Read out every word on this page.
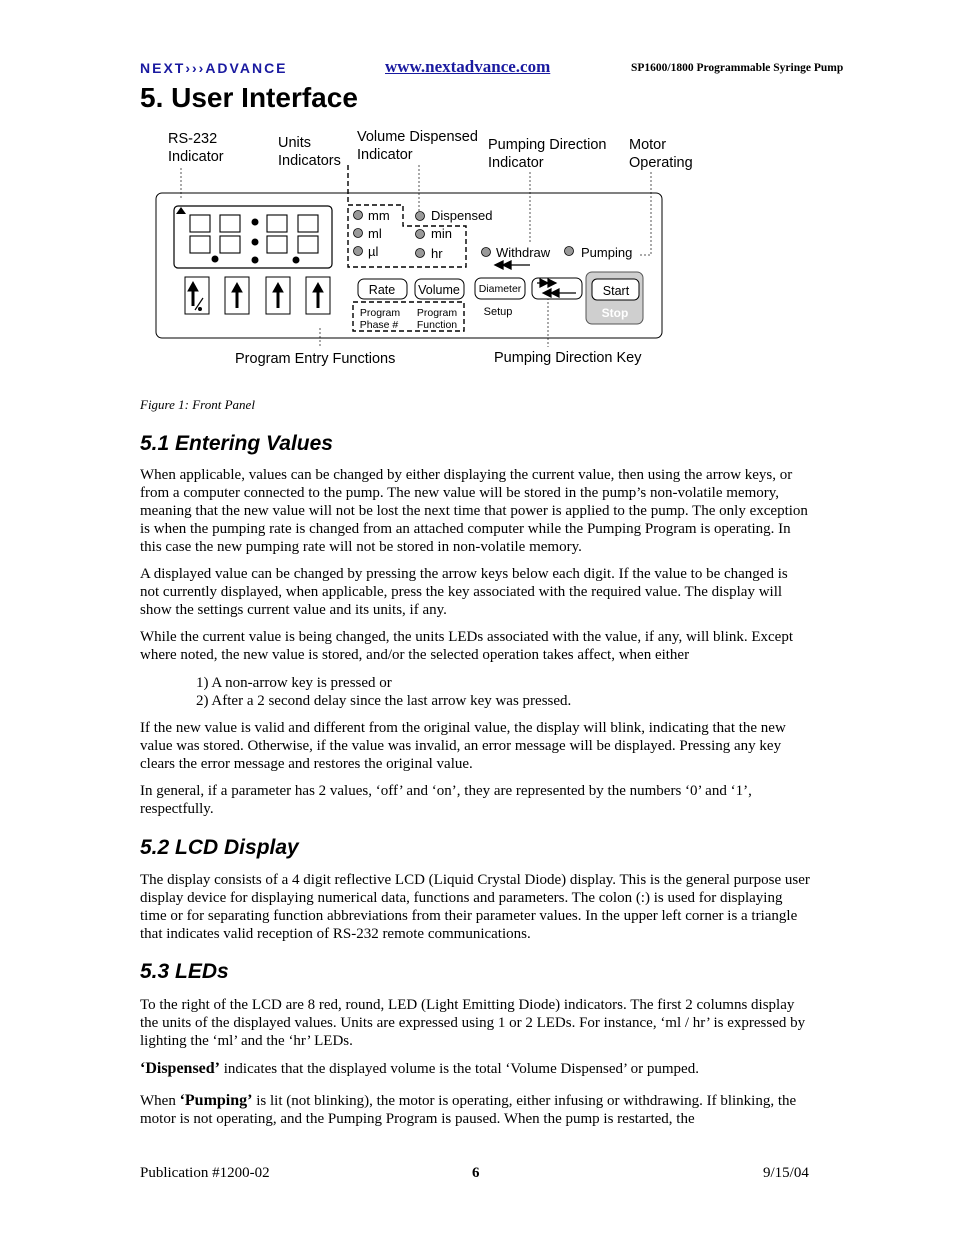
NEXT›››ADVANCE	www.nextadvance.com	SP1600/1800 Programmable Syringe Pump
5. User Interface
RS-232
Indicator
Units
Indicators
Volume Dispensed
Indicator
Pumping Direction
Indicator
Motor
Operating
Program Entry Functions	Pumping Direction Key
mm
ml
µl
Dispensed
min
hr	Withdraw Pumping
Rate Volume Diameter	Start
Stop
Program
Phase #
Program
Function
Setup
Figure 1: Front Panel
5.1 Entering Values

When applicable, values can be changed by either displaying the current value, then using the arrow keys, or from a computer connected to the pump. The new value will be stored in the pump’s non-volatile memory, meaning that the new value will not be lost the next time that power is applied to the pump. The only exception is when the pumping rate is changed from an attached computer while the Pumping Program is operating. In this case the new pumping rate will not be stored in non-volatile memory.

A displayed value can be changed by pressing the arrow keys below each digit. If the value to be changed is not currently displayed, when applicable, press the key associated with the required value. The display will show the settings current value and its units, if any.

While the current value is being changed, the units LEDs associated with the value, if any, will blink. Except where noted, the new value is stored, and/or the selected operation takes affect, when either

1) A non-arrow key is pressed or

2) After a 2 second delay since the last arrow key was pressed.

If the new value is valid and different from the original value, the display will blink, indicating that the new value was stored. Otherwise, if the value was invalid, an error message will be displayed. Pressing any key clears the error message and restores the original value.

In general, if a parameter has 2 values, ‘off’ and ‘on’, they are represented by the numbers ‘0’ and ‘1’, respectfully.

5.2 LCD Display

The display consists of a 4 digit reflective LCD (Liquid Crystal Diode) display. This is the general purpose user display device for displaying numerical data, functions and parameters. The colon (:) is used for displaying time or for separating function abbreviations from their parameter values. In the upper left corner is a triangle that indicates valid reception of RS-232 remote communications.

5.3 LEDs

To the right of the LCD are 8 red, round, LED (Light Emitting Diode) indicators. The first 2 columns display the units of the displayed values. Units are expressed using 1 or 2 LEDs. For instance, ‘ml / hr’ is expressed by lighting the ‘ml’ and the ‘hr’ LEDs.

‘Dispensed’ indicates that the displayed volume is the total ‘Volume Dispensed’ or pumped.

When ‘Pumping’ is lit (not blinking), the motor is operating, either infusing or withdrawing. If blinking, the motor is not operating, and the Pumping Program is paused. When the pump is restarted, the

Publication #1200-02	6	9/15/04
